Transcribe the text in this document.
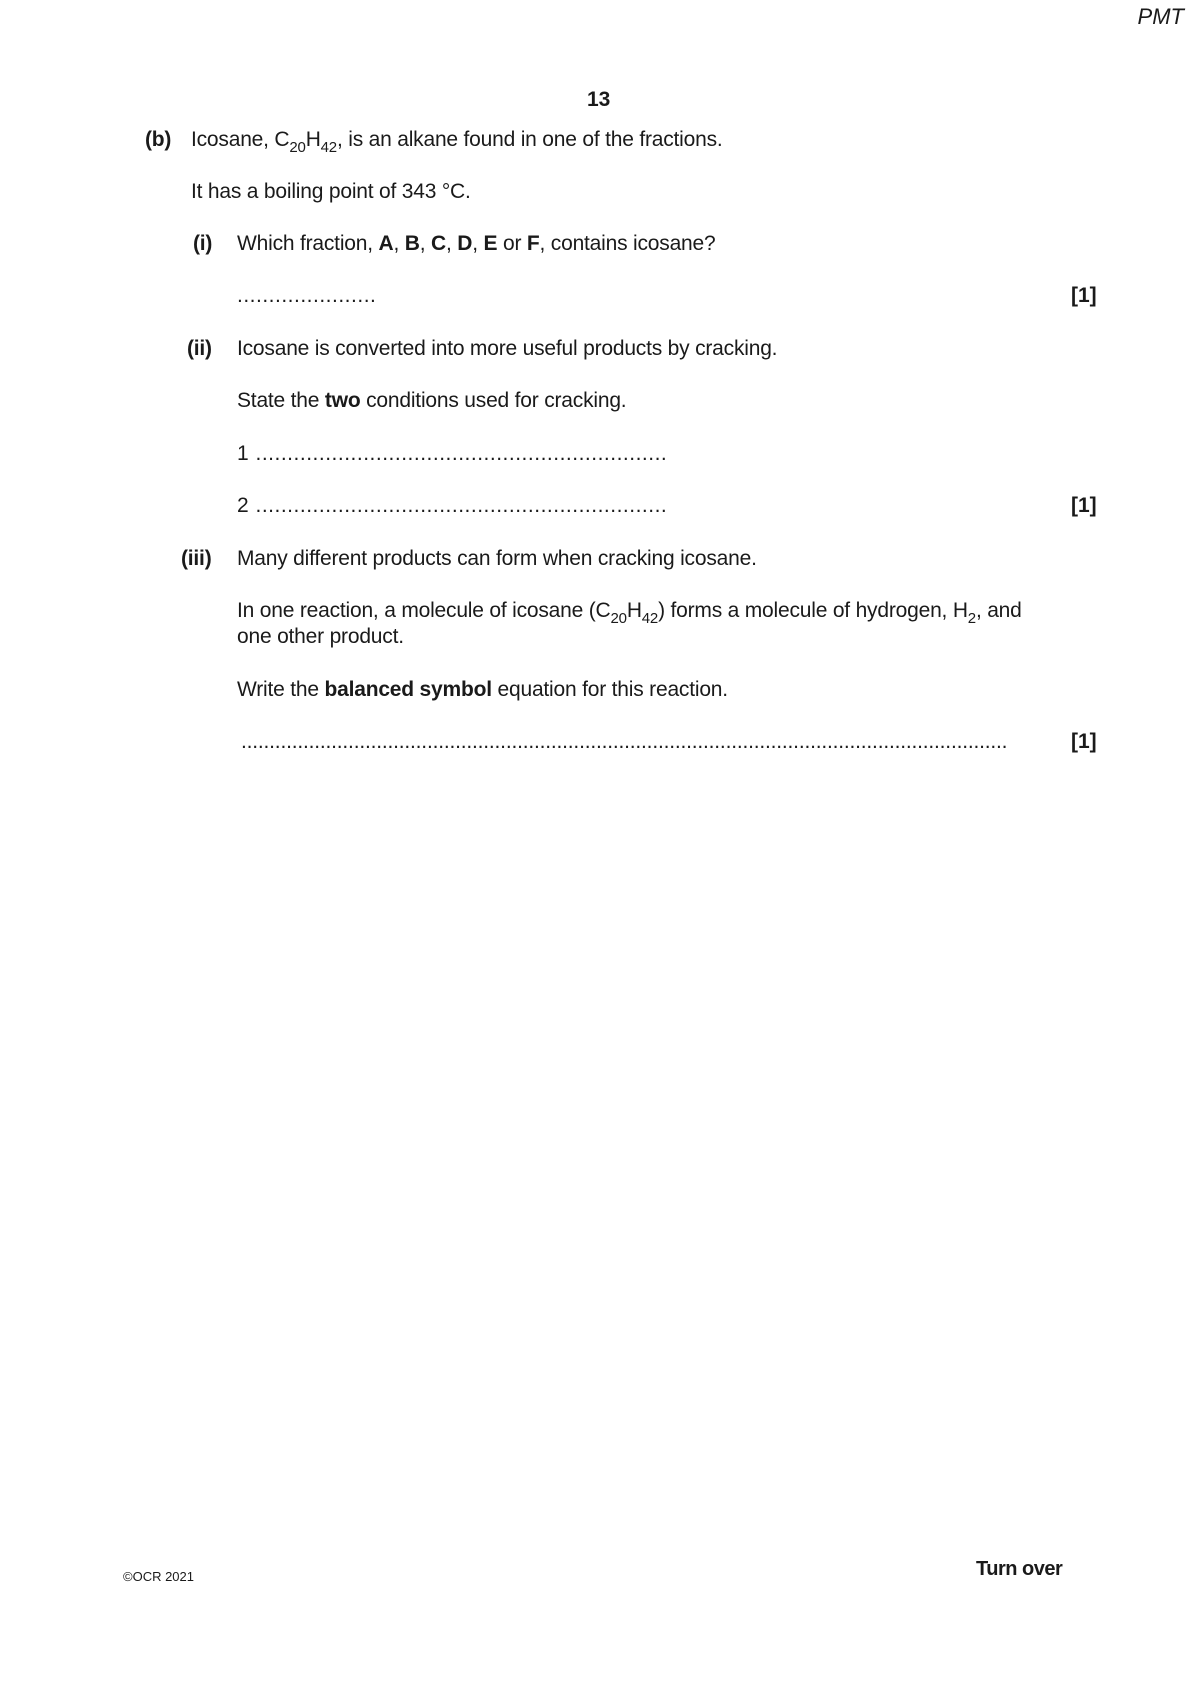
PMT
13
(b) Icosane, $C_{20}H_{42}$, is an alkane found in one of the fractions.
It has a boiling point of 343 °C.
(i) Which fraction, A, B, C, D, E or F, contains icosane?
......................	[1]
(ii) Icosane is converted into more useful products by cracking.
State the two conditions used for cracking.
1 .................................................................
2 .................................................................	[1]
(iii) Many different products can form when cracking icosane.
In one reaction, a molecule of icosane $(C_{20}H_{42})$ forms a molecule of hydrogen, $H_2$, and
one other product.
Write the balanced symbol equation for this reaction.
........................................................................................................................................	[1]
©OCR 2021	Turn over
